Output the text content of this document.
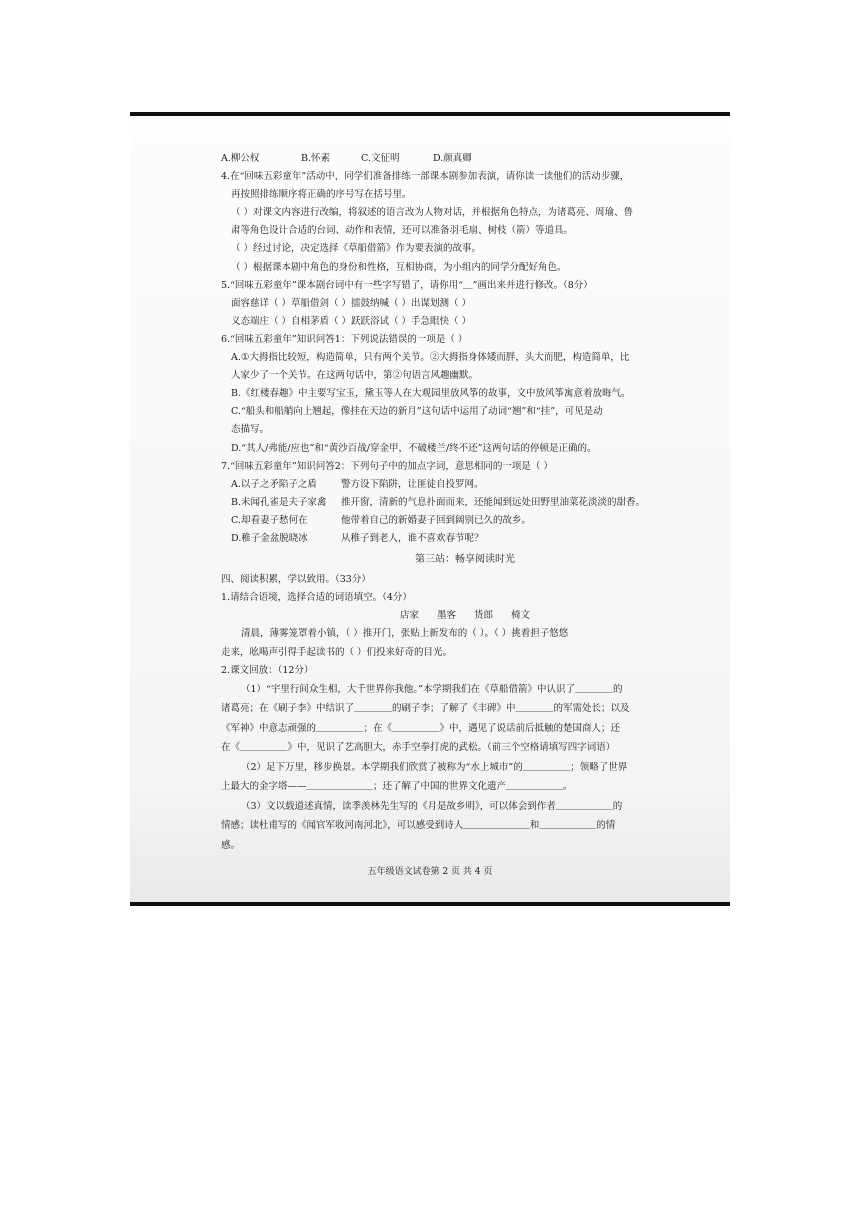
A.柳公权	B.怀素	C.文征明	D.颜真卿
4.在“回味五彩童年”活动中，同学们准备排练一部课本剧参加表演，请你读一读他们的活动步骤，
再按照排练顺序将正确的序号写在括号里。
（ ）对课文内容进行改编，将叙述的语言改为人物对话，并根据角色特点，为诸葛亮、周瑜、鲁
肃等角色设计合适的台词、动作和表情，还可以准备羽毛扇、树枝（箭）等道具。
（ ）经过讨论，决定选择《草船借箭》作为要表演的故事。
（ ）根据课本剧中角色的身份和性格，互相协商，为小组内的同学分配好角色。
5.“回味五彩童年”课本剧台词中有一些字写错了，请你用“＿”画出来并进行修改。（8分）
面容慈详（ ）草船借剑（ ）擂鼓纳喊（ ）出谋划测（ ）
义态端庄（ ）自相茅盾（ ）跃跃浴试（ ）手急眼快（ ）
6.“回味五彩童年”知识问答1：下列说法错误的一项是（ ）
A.①大拇指比较短，构造简单，只有两个关节。②大拇指身体矮而胖，头大而肥，构造简单，比
人家少了一个关节。在这两句话中，第②句语言风趣幽默。
B.《红楼春趣》中主要写宝玉，黛玉等人在大观园里放风筝的故事，文中放风筝寓意着放晦气。
C.“船头和船艄向上翘起，像挂在天边的新月”这句话中运用了动词“翘”和“挂”，可见是动
态描写。
D.“其人/弗能/应也”和“黄沙百战/穿金甲，不破楼兰/终不还”这两句话的停顿是正确的。
7.“回味五彩童年”知识问答2：下列句子中的加点字词，意思相同的一项是（ ）
A.以子之矛陷子之盾	警方设下陷阱，让匪徒自投罗网。
B.未闻孔雀是夫子家禽 推开窗，清新的气息扑面而来，还能闻到远处田野里油菜花淡淡的甜香。
C.却看妻子愁何在	他带着自己的新婚妻子回到阔别已久的故乡。
D.稚子金盆脱晓冰	从稚子到老人，谁不喜欢春节呢？
第三站：畅享阅读时光
四、阅读积累，学以致用。（33分）
1.请结合语境，选择合适的词语填空。（4分）
店家 墨客 货郎 椅文
清晨，薄雾笼罩着小镇，（ ）推开门，张贴上新发布的（ ）。（ ）挑着担子悠悠
走来，吆喝声引得手起读书的（ ）们投来好奇的目光。
2.课文回放：（12分）
（1）“宇里行间众生相，大千世界你我他。”本学期我们在《草船借箭》中认识了＿＿＿＿的
诸葛亮；在《刷子李》中结识了＿＿＿＿的刷子李；了解了《丰碑》中＿＿＿＿的军需处长；以及
《军神》中意志顽强的＿＿＿＿＿；在《＿＿＿＿＿》中，遇见了说话前后抵触的楚国商人；还
在《＿＿＿＿＿》中，见识了艺高胆大，赤手空拳打虎的武松。（前三个空格请填写四字词语）
（2）足下万里，移步换景。本学期我们欣赏了被称为“水上城市”的＿＿＿＿＿；领略了世界
上最大的金字塔——＿＿＿＿＿＿＿；还了解了中国的世界文化遗产＿＿＿＿＿＿。
（3）文以载道述真情，读季羡林先生写的《月是故乡明》，可以体会到作者＿＿＿＿＿＿的
情感；读杜甫写的《闻官军收河南河北》，可以感受到诗人＿＿＿＿＿＿＿和＿＿＿＿＿＿的情
感。
五年级语文试卷第 2 页 共 4 页
